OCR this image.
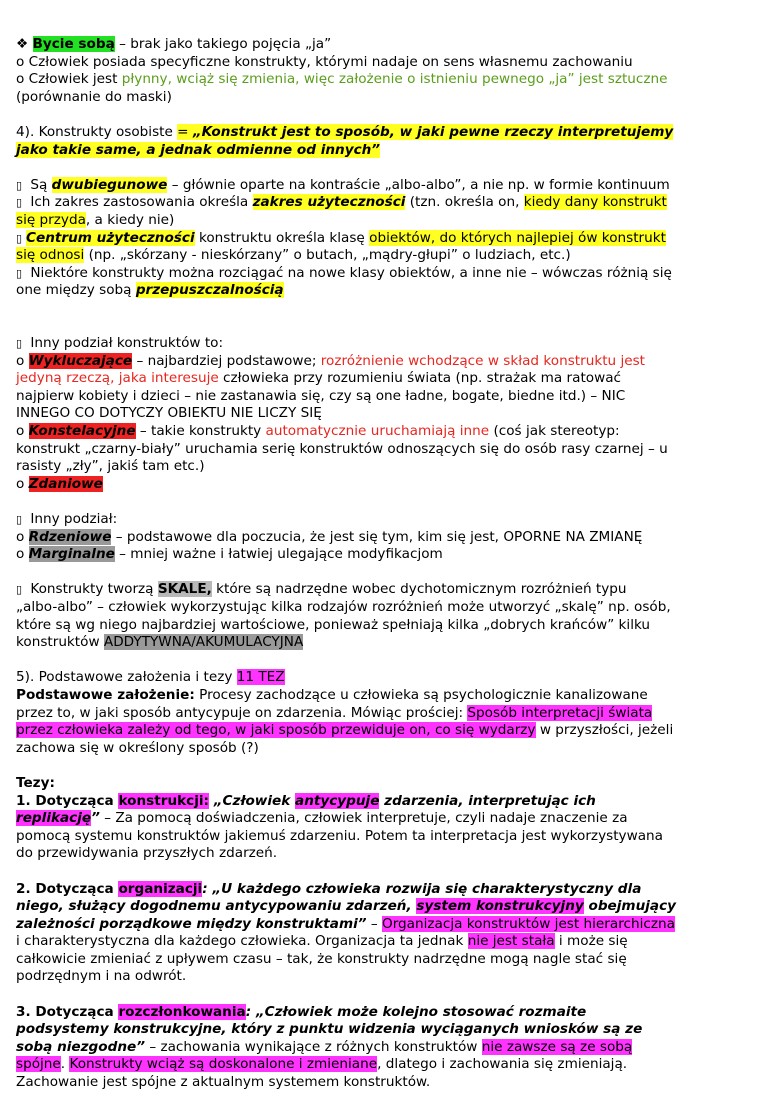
❖ Bycie sobą – brak jako takiego pojęcia „ja”

o Człowiek posiada specyficzne konstrukty, którymi nadaje on sens własnemu zachowaniu

o Człowiek jest płynny, wciąż się zmienia, więc założenie o istnieniu pewnego „ja” jest sztuczne

(porównanie do maski)

4). Konstrukty osobiste = „Konstrukt jest to sposób, w jaki pewne rzeczy interpretujemy

jako takie same, a jednak odmienne od innych”

▯ Są dwubiegunowe – głównie oparte na kontraście „albo-albo”, a nie np. w formie kontinuum

▯ Ich zakres zastosowania określa zakres użyteczności (tzn. określa on, kiedy dany konstrukt

się przyda, a kiedy nie)

▯ Centrum użyteczności konstruktu określa klasę obiektów, do których najlepiej ów konstrukt

się odnosi (np. „skórzany - nieskórzany” o butach, „mądry-głupi” o ludziach, etc.)

▯ Niektóre konstrukty można rozciągać na nowe klasy obiektów, a inne nie – wówczas różnią się

one między sobą przepuszczalnością

▯ Inny podział konstruktów to:

o Wykluczające – najbardziej podstawowe; rozróżnienie wchodzące w skład konstruktu jest

jedyną rzeczą, jaka interesuje człowieka przy rozumieniu świata (np. strażak ma ratować

najpierw kobiety i dzieci – nie zastanawia się, czy są one ładne, bogate, biedne itd.) – NIC

INNEGO CO DOTYCZY OBIEKTU NIE LICZY SIĘ

o Konstelacyjne – takie konstrukty automatycznie uruchamiają inne (coś jak stereotyp:

konstrukt „czarny-biały” uruchamia serię konstruktów odnoszących się do osób rasy czarnej – u

rasisty „zły”, jakiś tam etc.)

o Zdaniowe

▯ Inny podział:

o Rdzeniowe – podstawowe dla poczucia, że jest się tym, kim się jest, OPORNE NA ZMIANĘ

o Marginalne – mniej ważne i łatwiej ulegające modyfikacjom

▯ Konstrukty tworzą SKALE, które są nadrzędne wobec dychotomicznym rozróżnień typu

„albo-albo” – człowiek wykorzystując kilka rodzajów rozróżnień może utworzyć „skalę” np. osób,

które są wg niego najbardziej wartościowe, ponieważ spełniają kilka „dobrych krańców” kilku

konstruktów ADDYTYWNA/AKUMULACYJNA

5). Podstawowe założenia i tezy 11 TEZ

Podstawowe założenie: Procesy zachodzące u człowieka są psychologicznie kanalizowane

przez to, w jaki sposób antycypuje on zdarzenia. Mówiąc prościej: Sposób interpretacji świata

przez człowieka zależy od tego, w jaki sposób przewiduje on, co się wydarzy w przyszłości, jeżeli

zachowa się w określony sposób (?)

Tezy:

1. Dotycząca konstrukcji: „Człowiek antycypuje zdarzenia, interpretując ich

replikację” – Za pomocą doświadczenia, człowiek interpretuje, czyli nadaje znaczenie za

pomocą systemu konstruktów jakiemuś zdarzeniu. Potem ta interpretacja jest wykorzystywana

do przewidywania przyszłych zdarzeń.

2. Dotycząca organizacji: „U każdego człowieka rozwija się charakterystyczny dla

niego, służący dogodnemu antycypowaniu zdarzeń, system konstrukcyjny obejmujący

zależności porządkowe między konstruktami” – Organizacja konstruktów jest hierarchiczna

i charakterystyczna dla każdego człowieka. Organizacja ta jednak nie jest stała i może się

całkowicie zmieniać z upływem czasu – tak, że konstrukty nadrzędne mogą nagle stać się

podrzędnym i na odwrót.

3. Dotycząca rozczłonkowania: „Człowiek może kolejno stosować rozmaite

podsystemy konstrukcyjne, który z punktu widzenia wyciąganych wniosków są ze

sobą niezgodne” – zachowania wynikające z różnych konstruktów nie zawsze są ze sobą

spójne. Konstrukty wciąż są doskonalone i zmieniane, dlatego i zachowania się zmieniają.

Zachowanie jest spójne z aktualnym systemem konstruktów.
